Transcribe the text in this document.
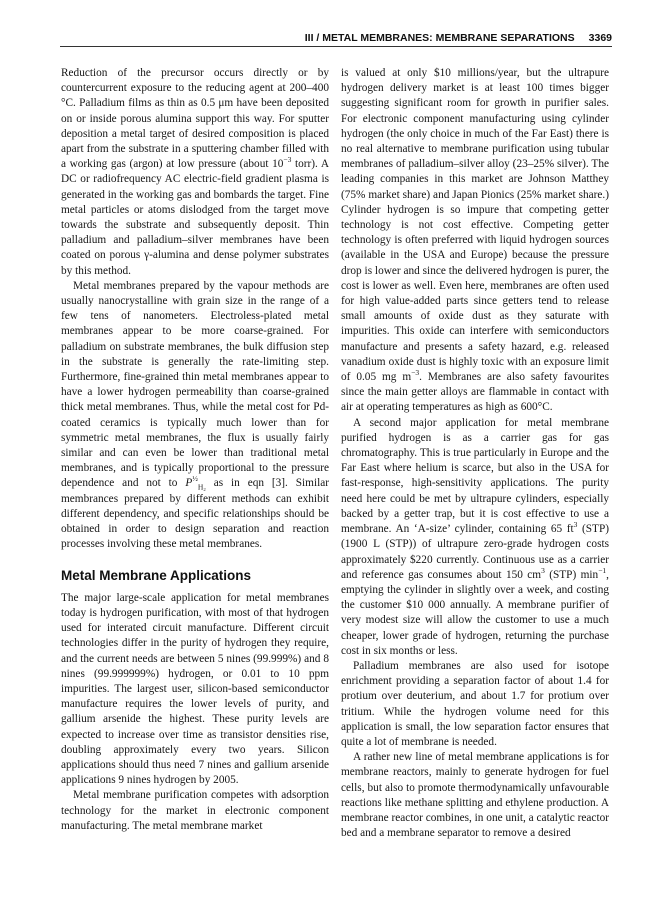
III / METAL MEMBRANES: MEMBRANE SEPARATIONS 3369

Reduction of the precursor occurs directly or by countercurrent exposure to the reducing agent at 200–400 °C. Palladium films as thin as 0.5 μm have been deposited on or inside porous alumina support this way. For sputter deposition a metal target of desired composition is placed apart from the substrate in a sputtering chamber filled with a working gas (argon) at low pressure (about $10^{-3}$ torr). A DC or radiofrequency AC electric-field gradient plasma is generated in the working gas and bombards the target. Fine metal particles or atoms dislodged from the target move towards the substrate and subsequently deposit. Thin palladium and palladium–silver membranes have been coated on porous γ-alumina and dense polymer substrates by this method.

Metal membranes prepared by the vapour methods are usually nanocrystalline with grain size in the range of a few tens of nanometers. Electroless-plated metal membranes appear to be more coarse-grained. For palladium on substrate membranes, the bulk diffusion step in the substrate is generally the rate-limiting step. Furthermore, fine-grained thin metal membranes appear to have a lower hydrogen permeability than coarse-grained thick metal membranes. Thus, while the metal cost for Pd-coated ceramics is typically much lower than for symmetric metal membranes, the flux is usually fairly similar and can even be lower than traditional metal membranes, and is typically proportional to the pressure dependence and not to $P^{\frac{1}{2}}_{H_2}$ as in eqn [3]. Similar membrances prepared by different methods can exhibit different dependency, and specific relationships should be obtained in order to design separation and reaction processes involving these metal membranes.

Metal Membrane Applications

The major large-scale application for metal membranes today is hydrogen purification, with most of that hydrogen used for interated circuit manufacture. Different circuit technologies differ in the purity of hydrogen they require, and the current needs are between 5 nines (99.999%) and 8 nines (99.999999%) hydrogen, or 0.01 to 10 ppm impurities. The largest user, silicon-based semiconductor manufacture requires the lower levels of purity, and gallium arsenide the highest. These purity levels are expected to increase over time as transistor densities rise, doubling approximately every two years. Silicon applications should thus need 7 nines and gallium arsenide applications 9 nines hydrogen by 2005.

Metal membrane purification competes with adsorption technology for the market in electronic component manufacturing. The metal membrane market

is valued at only $10 millions/year, but the ultrapure hydrogen delivery market is at least 100 times bigger suggesting significant room for growth in purifier sales. For electronic component manufacturing using cylinder hydrogen (the only choice in much of the Far East) there is no real alternative to membrane purification using tubular membranes of palladium–silver alloy (23–25% silver). The leading companies in this market are Johnson Matthey (75% market share) and Japan Pionics (25% market share.) Cylinder hydrogen is so impure that competing getter technology is not cost effective. Competing getter technology is often preferred with liquid hydrogen sources (available in the USA and Europe) because the pressure drop is lower and since the delivered hydrogen is purer, the cost is lower as well. Even here, membranes are often used for high value-added parts since getters tend to release small amounts of oxide dust as they saturate with impurities. This oxide can interfere with semiconductors manufacture and presents a safety hazard, e.g. released vanadium oxide dust is highly toxic with an exposure limit of 0.05 mg $m^{-3}$. Membranes are also safety favourites since the main getter alloys are flammable in contact with air at operating temperatures as high as 600°C.

A second major application for metal membrane purified hydrogen is as a carrier gas for gas chromatography. This is true particularly in Europe and the Far East where helium is scarce, but also in the USA for fast-response, high-sensitivity applications. The purity need here could be met by ultrapure cylinders, especially backed by a getter trap, but it is cost effective to use a membrane. An ‘A-size’ cylinder, containing 65 $ft^3$ (STP) (1900 L (STP)) of ultrapure zero-grade hydrogen costs approximately $220 currently. Continuous use as a carrier and reference gas consumes about 150 $cm^3$ (STP) $\min^{-1}$, emptying the cylinder in slightly over a week, and costing the customer $10 000 annually. A membrane purifier of very modest size will allow the customer to use a much cheaper, lower grade of hydrogen, returning the purchase cost in six months or less.

Palladium membranes are also used for isotope enrichment providing a separation factor of about 1.4 for protium over deuterium, and about 1.7 for protium over tritium. While the hydrogen volume need for this application is small, the low separation factor ensures that quite a lot of membrane is needed.

A rather new line of metal membrane applications is for membrane reactors, mainly to generate hydrogen for fuel cells, but also to promote thermodynamically unfavourable reactions like methane splitting and ethylene production. A membrane reactor combines, in one unit, a catalytic reactor bed and a membrane separator to remove a desired
